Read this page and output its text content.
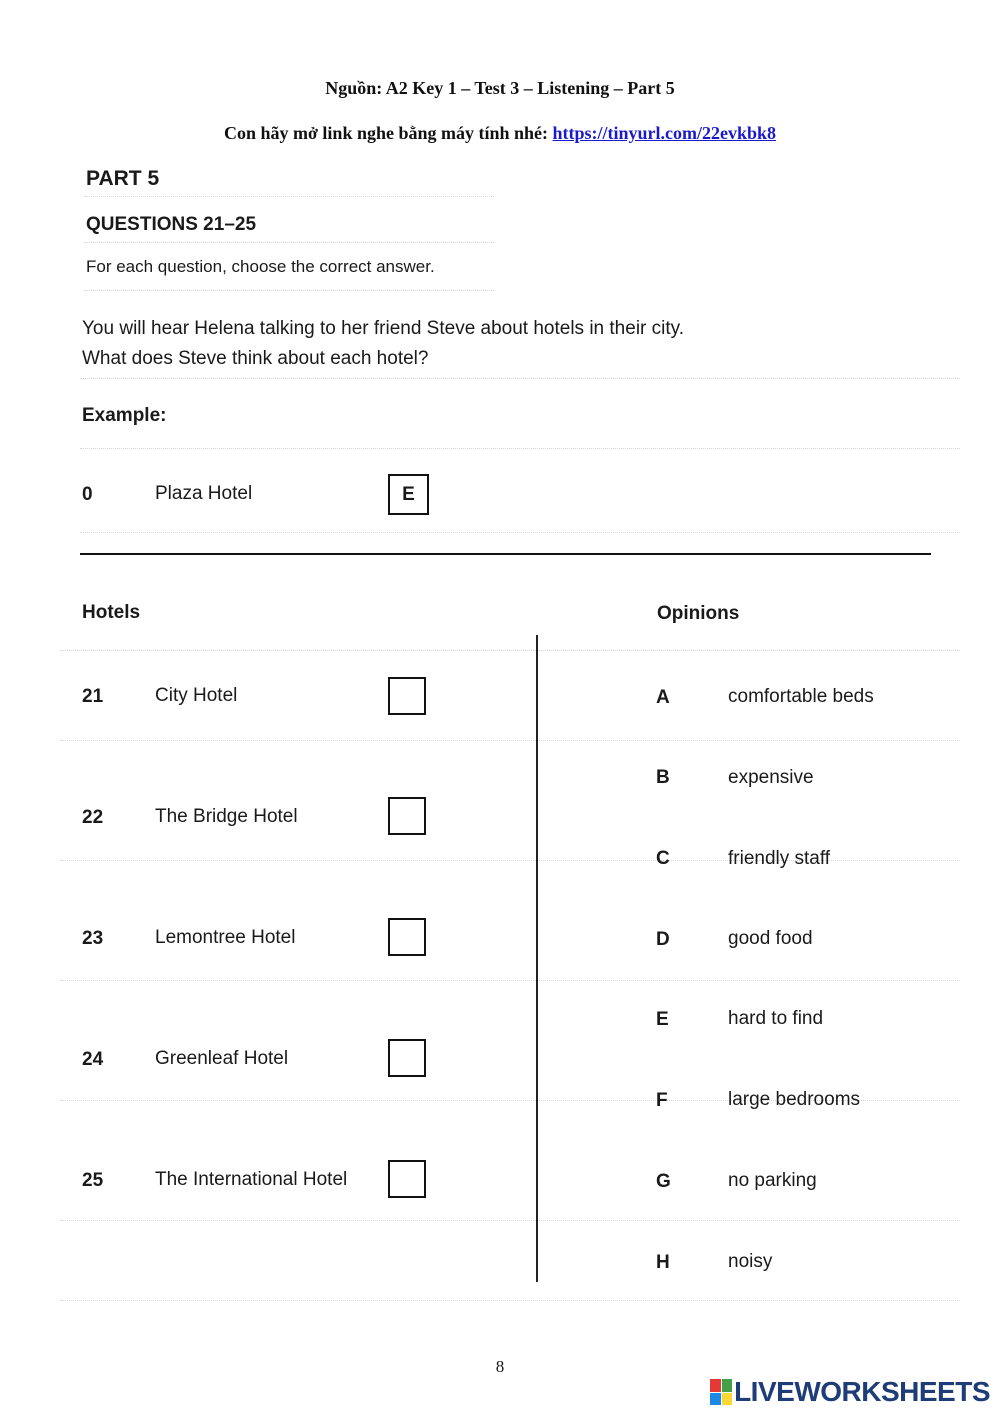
Nguồn: A2 Key 1 – Test 3 – Listening – Part 5
Con hãy mở link nghe bằng máy tính nhé: https://tinyurl.com/22evkbk8
PART 5
QUESTIONS 21–25
For each question, choose the correct answer.
You will hear Helena talking to her friend Steve about hotels in their city.
What does Steve think about each hotel?
Example:
0	Plaza Hotel	E
Hotels	Opinions
21	City Hotel
22	The Bridge Hotel
23	Lemontree Hotel
24	Greenleaf Hotel
25	The International Hotel
A	comfortable beds
B	expensive
C	friendly staff
D	good food
E	hard to find
F	large bedrooms
G	no parking
H	noisy
8
LIVEWORKSHEETS
